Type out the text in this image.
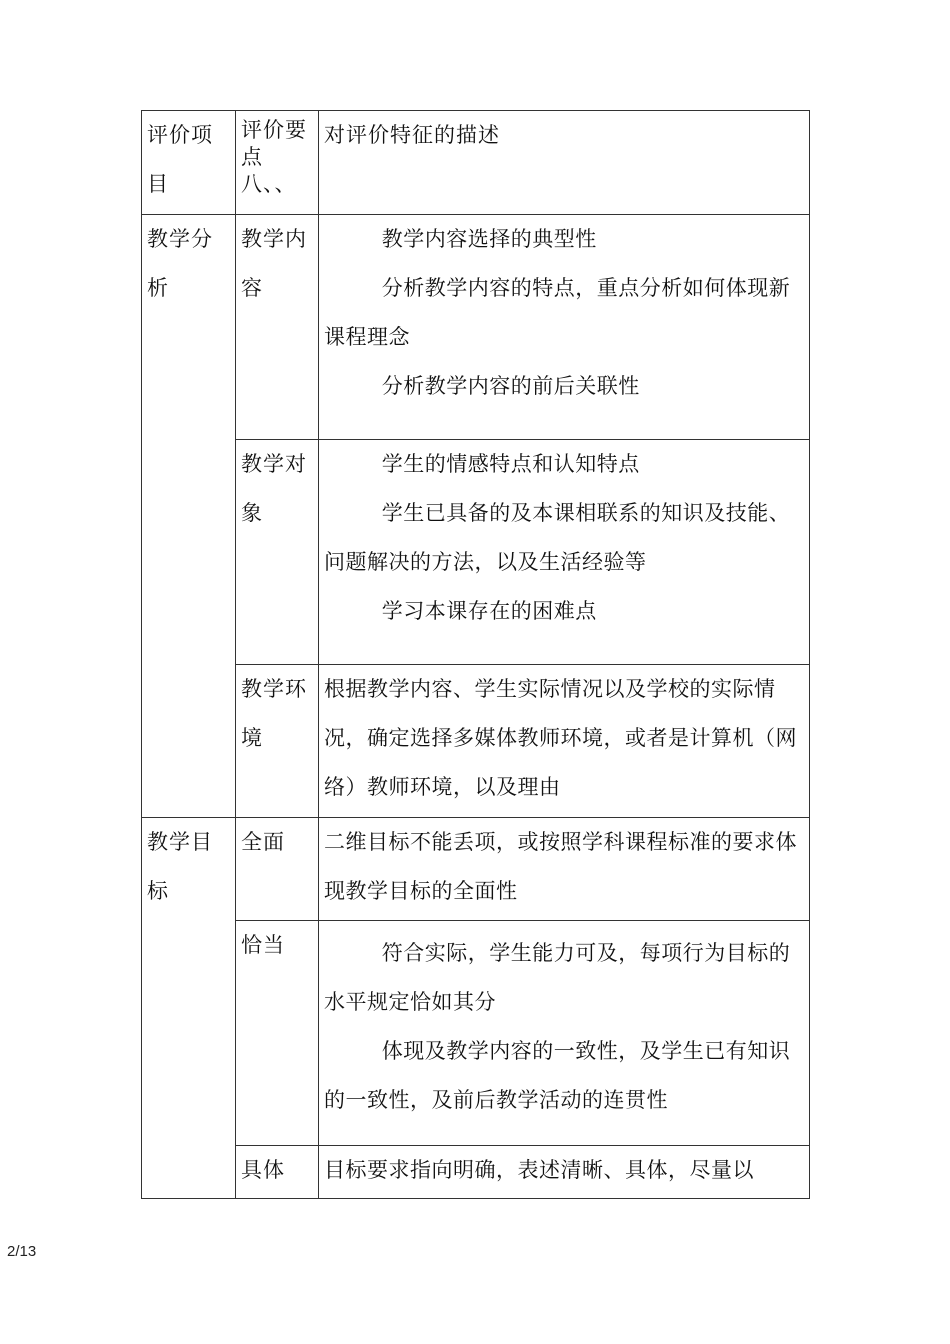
评价项目	评价要点八、、	对评价特征的描述

教学分析	教学内容	教学内容选择的典型性

分析教学内容的特点，重点分析如何体现新课程理念

分析教学内容的前后关联性

	教学对象	学生的情感特点和认知特点

学生已具备的及本课相联系的知识及技能、问题解决的方法，以及生活经验等

学习本课存在的困难点

	教学环境	根据教学内容、学生实际情况以及学校的实际情况，确定选择多媒体教师环境，或者是计算机（网络）教师环境，以及理由

教学目标	全面	二维目标不能丢项，或按照学科课程标准的要求体现教学目标的全面性

	恰当	符合实际，学生能力可及，每项行为目标的水平规定恰如其分

体现及教学内容的一致性，及学生已有知识的一致性，及前后教学活动的连贯性

	具体	目标要求指向明确，表述清晰、具体，尽量以

2/13
